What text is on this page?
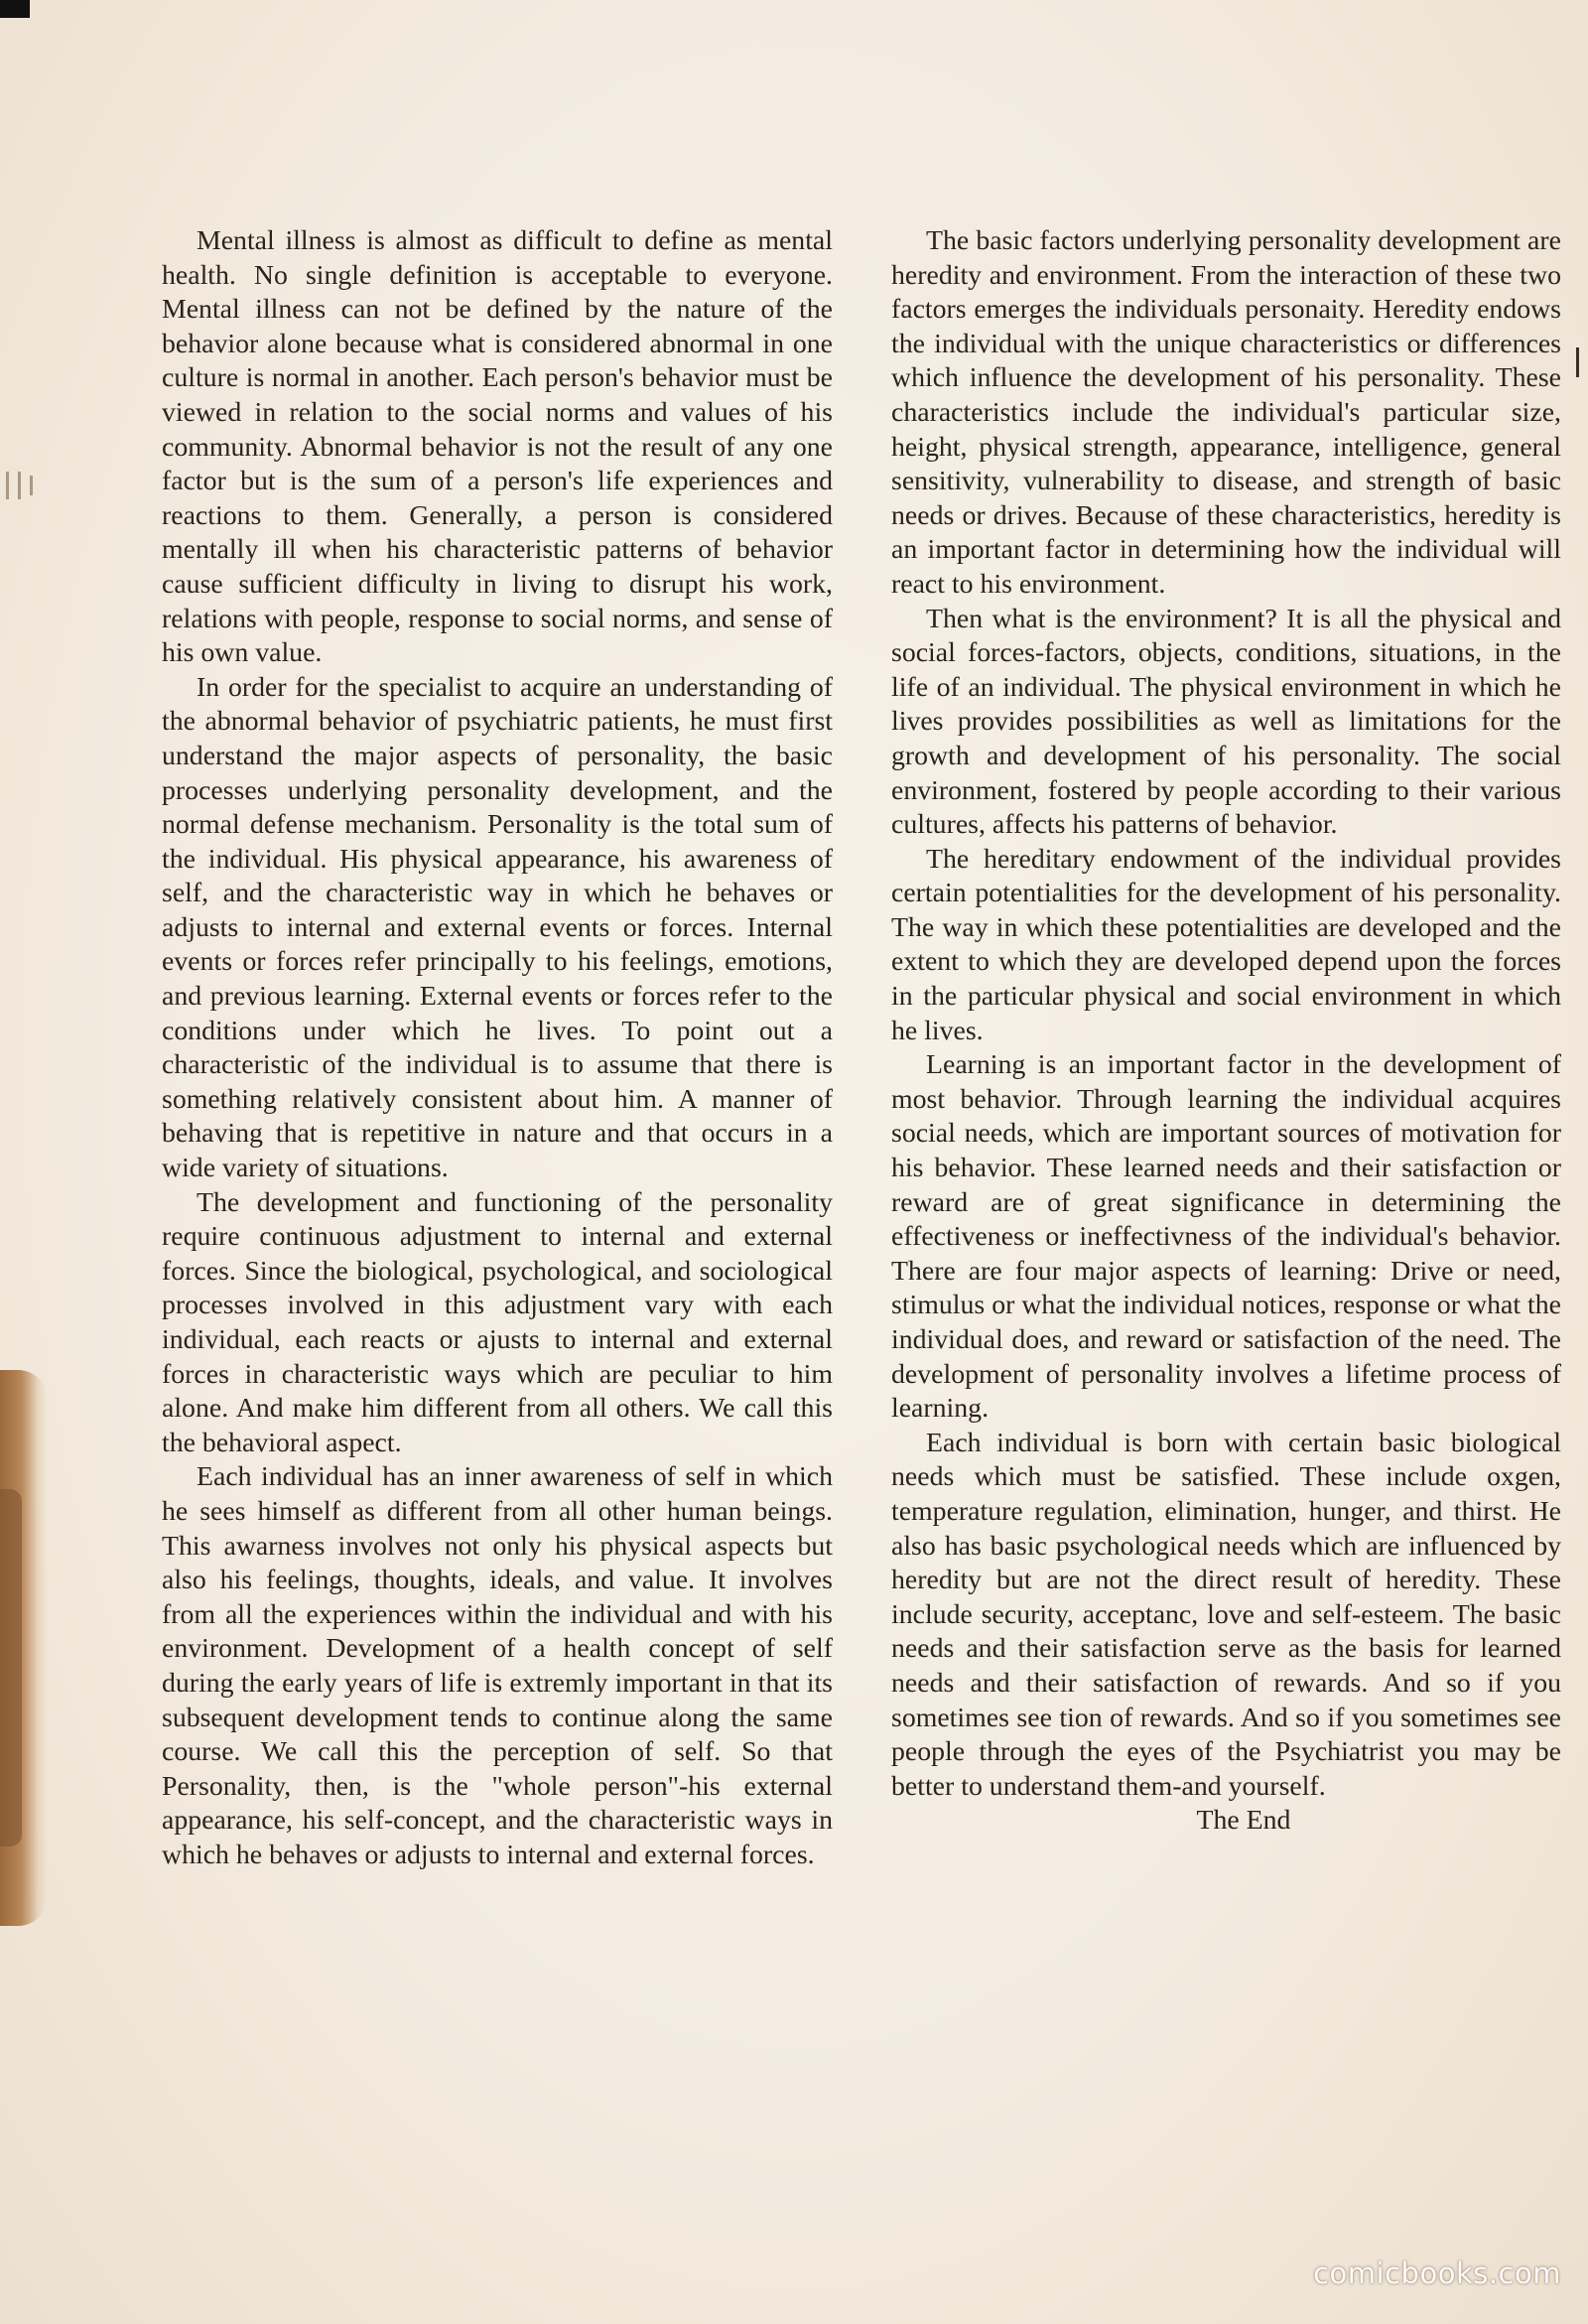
Mental illness is almost as difficult to define as mental health. No single definition is acceptable to everyone. Mental illness can not be defined by the nature of the behavior alone because what is considered abnormal in one culture is normal in another. Each person's behavior must be viewed in relation to the social norms and values of his community. Abnormal behavior is not the result of any one factor but is the sum of a person's life experiences and reactions to them. Generally, a person is considered mentally ill when his characteristic patterns of behavior cause sufficient difficulty in living to disrupt his work, relations with people, response to social norms, and sense of his own value.

In order for the specialist to acquire an understanding of the abnormal behavior of psychiatric patients, he must first understand the major aspects of personality, the basic processes underlying personality development, and the normal defense mechanism. Personality is the total sum of the individual. His physical appearance, his awareness of self, and the characteristic way in which he behaves or adjusts to internal and external events or forces. Internal events or forces refer principally to his feelings, emotions, and previous learning. External events or forces refer to the conditions under which he lives. To point out a characteristic of the individual is to assume that there is something relatively consistent about him. A manner of behaving that is repetitive in nature and that occurs in a wide variety of situations.

The development and functioning of the personality require continuous adjustment to internal and external forces. Since the biological, psychological, and sociological processes involved in this adjustment vary with each individual, each reacts or ajusts to internal and external forces in characteristic ways which are peculiar to him alone. And make him different from all others. We call this the behavioral aspect.

Each individual has an inner awareness of self in which he sees himself as different from all other human beings. This awarness involves not only his physical aspects but also his feelings, thoughts, ideals, and value. It involves from all the experiences within the individual and with his environment. Development of a health concept of self during the early years of life is extremly important in that its subsequent development tends to continue along the same course. We call this the perception of self. So that Personality, then, is the "whole person"-his external appearance, his self-concept, and the characteristic ways in which he behaves or adjusts to internal and external forces.

The basic factors underlying personality development are heredity and environment. From the interaction of these two factors emerges the individuals personaity. Heredity endows the individual with the unique characteristics or differences which influence the development of his personality. These characteristics include the individual's particular size, height, physical strength, appearance, intelligence, general sensitivity, vulnerability to disease, and strength of basic needs or drives. Because of these characteristics, heredity is an important factor in determining how the individual will react to his environment.

Then what is the environment? It is all the physical and social forces-factors, objects, conditions, situations, in the life of an individual. The physical environment in which he lives provides possibilities as well as limitations for the growth and development of his personality. The social environment, fostered by people according to their various cultures, affects his patterns of behavior.

The hereditary endowment of the individual provides certain potentialities for the development of his personality. The way in which these potentialities are developed and the extent to which they are developed depend upon the forces in the particular physical and social environment in which he lives.

Learning is an important factor in the development of most behavior. Through learning the individual acquires social needs, which are important sources of motivation for his behavior. These learned needs and their satisfaction or reward are of great significance in determining the effectiveness or ineffectivness of the individual's behavior. There are four major aspects of learning: Drive or need, stimulus or what the individual notices, response or what the individual does, and reward or satisfaction of the need. The development of personality involves a lifetime process of learning.

Each individual is born with certain basic biological needs which must be satisfied. These include oxgen, temperature regulation, elimination, hunger, and thirst. He also has basic psychological needs which are influenced by heredity but are not the direct result of heredity. These include security, acceptanc, love and self-esteem. The basic needs and their satisfaction serve as the basis for learned needs and their satisfaction of rewards. And so if you sometimes see tion of rewards. And so if you sometimes see people through the eyes of the Psychiatrist you may be better to understand them-and yourself.

The End

comicbooks.com
